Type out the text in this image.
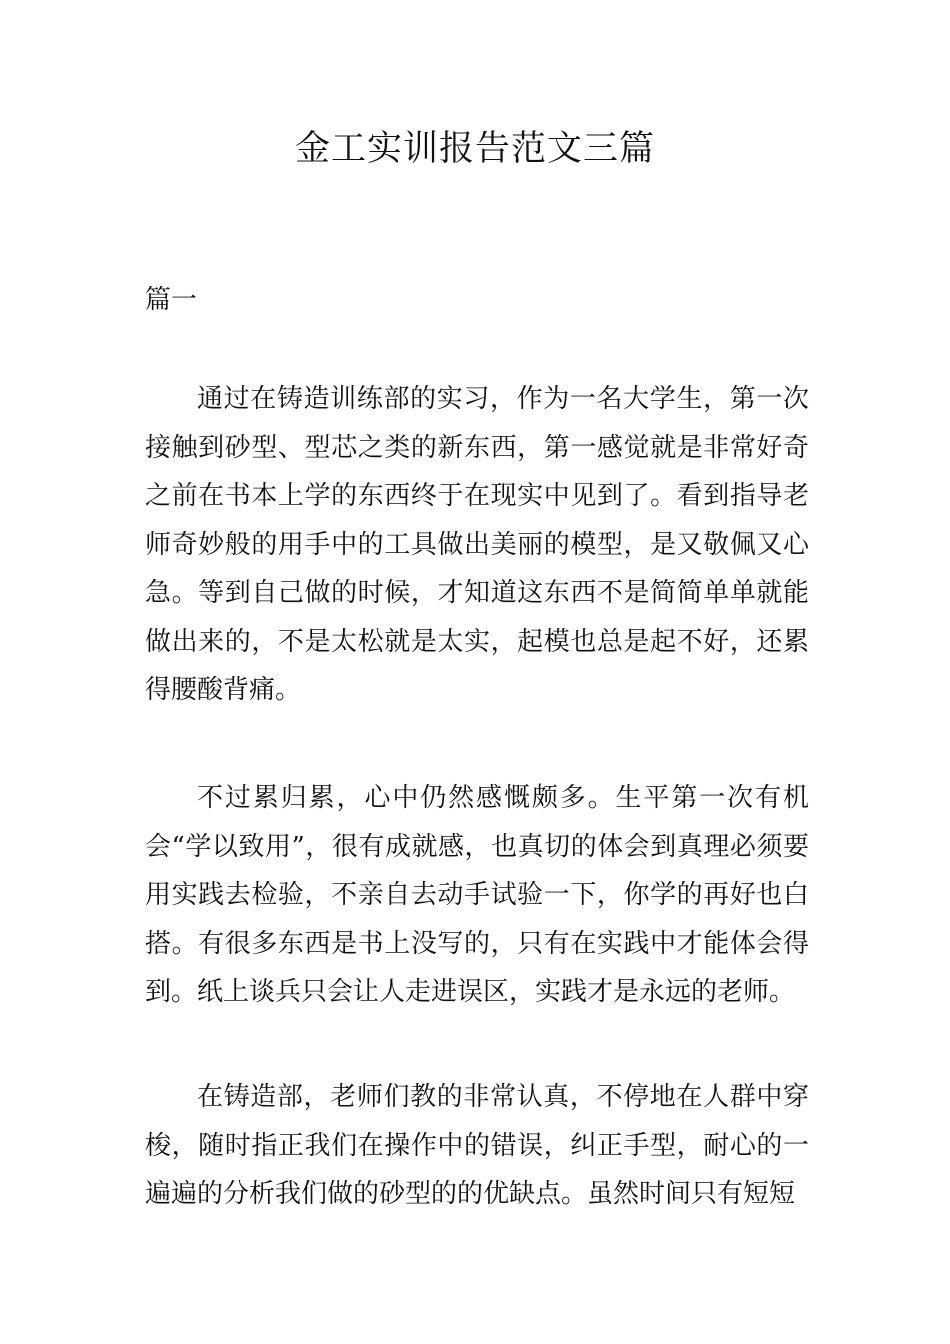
金工实训报告范文三篇

篇一

通过在铸造训练部的实习，作为一名大学生，第一次接触到砂型、型芯之类的新东西，第一感觉就是非常好奇之前在书本上学的东西终于在现实中见到了。看到指导老师奇妙般的用手中的工具做出美丽的模型，是又敬佩又心急。等到自己做的时候，才知道这东西不是简简单单就能做出来的，不是太松就是太实，起模也总是起不好，还累得腰酸背痛。

不过累归累，心中仍然感慨颇多。生平第一次有机会“学以致用”，很有成就感，也真切的体会到真理必须要用实践去检验，不亲自去动手试验一下，你学的再好也白搭。有很多东西是书上没写的，只有在实践中才能体会得到。纸上谈兵只会让人走进误区，实践才是永远的老师。

在铸造部，老师们教的非常认真，不停地在人群中穿梭，随时指正我们在操作中的错误，纠正手型，耐心的一遍遍的分析我们做的砂型的的优缺点。虽然时间只有短短
